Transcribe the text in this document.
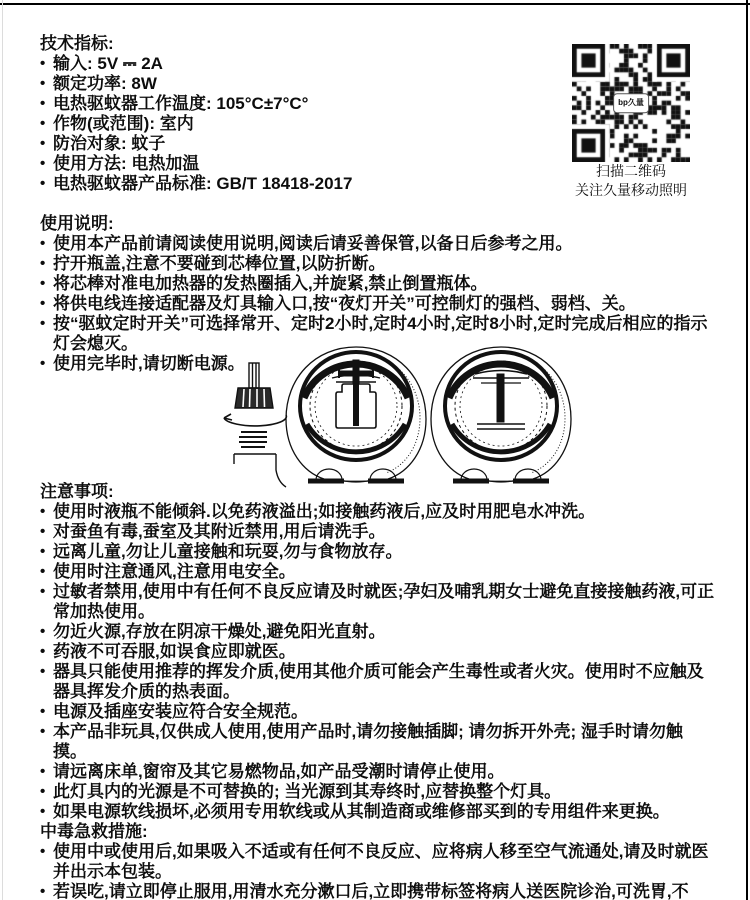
技术指标:
• 输入: 5V ⎓ 2A
• 额定功率: 8W
• 电热驱蚊器工作温度: 105°C±7°C°
• 作物(或范围): 室内
• 防治对象: 蚊子
• 使用方法: 电热加温
• 电热驱蚊器产品标准: GB/T 18418-2017
bp久量
扫描二维码
关注久量移动照明
使用说明:
• 使用本产品前请阅读使用说明,阅读后请妥善保管,以备日后参考之用。
• 拧开瓶盖,注意不要碰到芯棒位置,以防折断。
• 将芯棒对准电加热器的发热圈插入,并旋紧,禁止倒置瓶体。
• 将供电线连接适配器及灯具输入口,按“夜灯开关”可控制灯的强档、弱档、关。
• 按“驱蚊定时开关”可选择常开、定时2小时,定时4小时,定时8小时,定时完成后相应的指示灯会熄灭。
• 使用完毕时,请切断电源。
注意事项:
• 使用时液瓶不能倾斜.以免药液溢出;如接触药液后,应及时用肥皂水冲洗。
• 对蚕鱼有毒,蚕室及其附近禁用,用后请洗手。
• 远离儿童,勿让儿童接触和玩耍,勿与食物放存。
• 使用时注意通风,注意用电安全。
• 过敏者禁用,使用中有任何不良反应请及时就医;孕妇及哺乳期女士避免直接接触药液,可正常加热使用。
• 勿近火源,存放在阴凉干燥处,避免阳光直射。
• 药液不可吞服,如误食应即就医。
• 器具只能使用推荐的挥发介质,使用其他介质可能会产生毒性或者火灾。使用时不应触及器具挥发介质的热表面。
• 电源及插座安装应符合安全规范。
• 本产品非玩具,仅供成人使用,使用产品时,请勿接触插脚; 请勿拆开外壳; 湿手时请勿触摸。
• 请远离床单,窗帘及其它易燃物品,如产品受潮时请停止使用。
• 此灯具内的光源是不可替换的; 当光源到其寿终时,应替换整个灯具。
• 如果电源软线损坏,必须用专用软线或从其制造商或维修部买到的专用组件来更换。
中毒急救措施:
• 使用中或使用后,如果吸入不适或有任何不良反应、应将病人移至空气流通处,请及时就医并出示本包装。
• 若误吃,请立即停止服用,用清水充分漱口后,立即携带标签将病人送医院诊治,可洗胃,不
